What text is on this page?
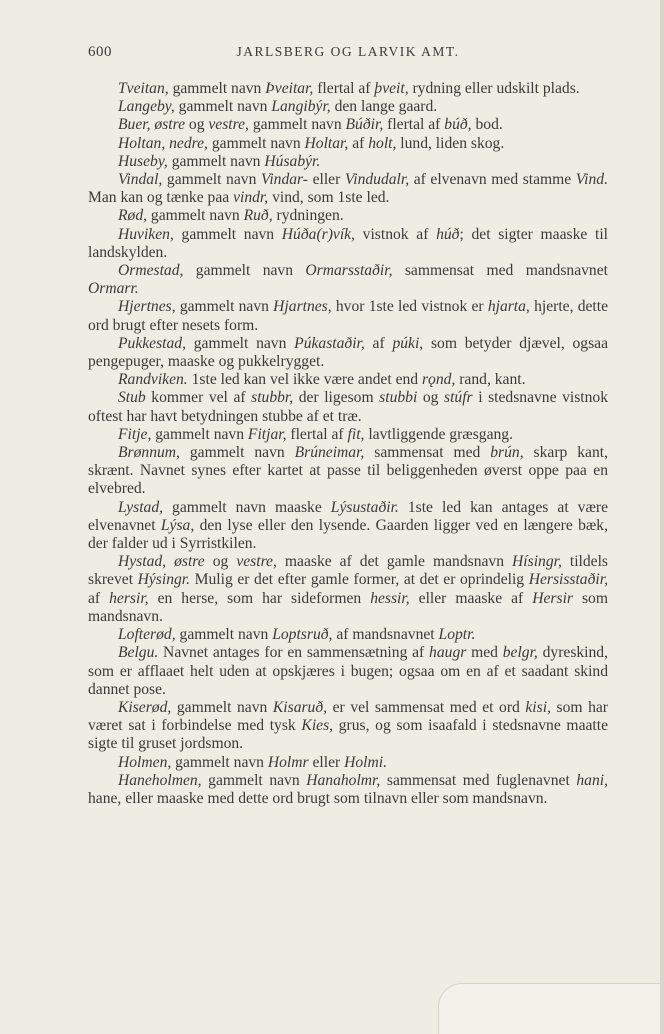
600	JARLSBERG OG LARVIK AMT.

Tveitan, gammelt navn Þveitar, flertal af þveit, rydning eller udskilt plads.

Langeby, gammelt navn Langibýr, den lange gaard.

Buer, østre og vestre, gammelt navn Búðir, flertal af búð, bod.

Holtan, nedre, gammelt navn Holtar, af holt, lund, liden skog.

Huseby, gammelt navn Húsabýr.

Vindal, gammelt navn Vindar- eller Vindudalr, af elvenavn med stamme Vind. Man kan og tænke paa vindr, vind, som 1ste led.

Rød, gammelt navn Ruð, rydningen.

Huvikеn, gammelt navn Húða(r)vík, vistnok af húð; det sigter maaske til landskylden.

Ormestad, gammelt navn Ormarsstaðir, sammensat med mandsnavnet Ormarr.

Hjertnes, gammelt navn Hjartnes, hvor 1ste led vistnok er hjarta, hjerte, dette ord brugt efter nesets form.

Pukkestad, gammelt navn Púkastaðir, af púki, som betyder djævel, ogsaa pengepuger, maaske og pukkelrygget.

Randviken. 1ste led kan vel ikke være andet end rǫnd, rand, kant.

Stub kommer vel af stubbr, der ligesom stubbi og stúfr i stedsnavne vistnok oftest har havt betydningen stubbe af et træ.

Fitje, gammelt navn Fitjar, flertal af fit, lavtliggende græsgang.

Brønnum, gammelt navn Brúneimar, sammensat med brún, skarp kant, skrænt. Navnet synes efter kartet at passe til beliggenheden øverst oppe paa en elvebred.

Lystad, gammelt navn maaske Lýsustaðir. 1ste led kan antages at være elvenavnet Lýsa, den lyse eller den lysende. Gaarden ligger ved en længere bæk, der falder ud i Syrristkilen.

Hystad, østre og vestre, maaske af det gamle mandsnavn Hísingr, tildels skrevet Hýsingr. Mulig er det efter gamle former, at det er oprindelig Hersisstaðir, af hersir, en herse, som har sideformen hessir, eller maaske af Hersir som mandsnavn.

Lofterød, gammelt navn Loptsruð, af mandsnavnet Loptr.

Belgu. Navnet antages for en sammensætning af haugr med belgr, dyreskind, som er afflaaet helt uden at opskjæres i bugen; ogsaa om en af et saadant skind dannet pose.

Kiserød, gammelt navn Kisaruð, er vel sammensat med et ord kisi, som har været sat i forbindelse med tysk Kies, grus, og som isaafald i stedsnavne maatte sigte til gruset jordsmon.

Holmen, gammelt navn Holmr eller Holmi.

Haneholmen, gammelt navn Hanaholmr, sammensat med fuglenavnet hani, hane, eller maaske med dette ord brugt som tilnavn eller som mandsnavn.
